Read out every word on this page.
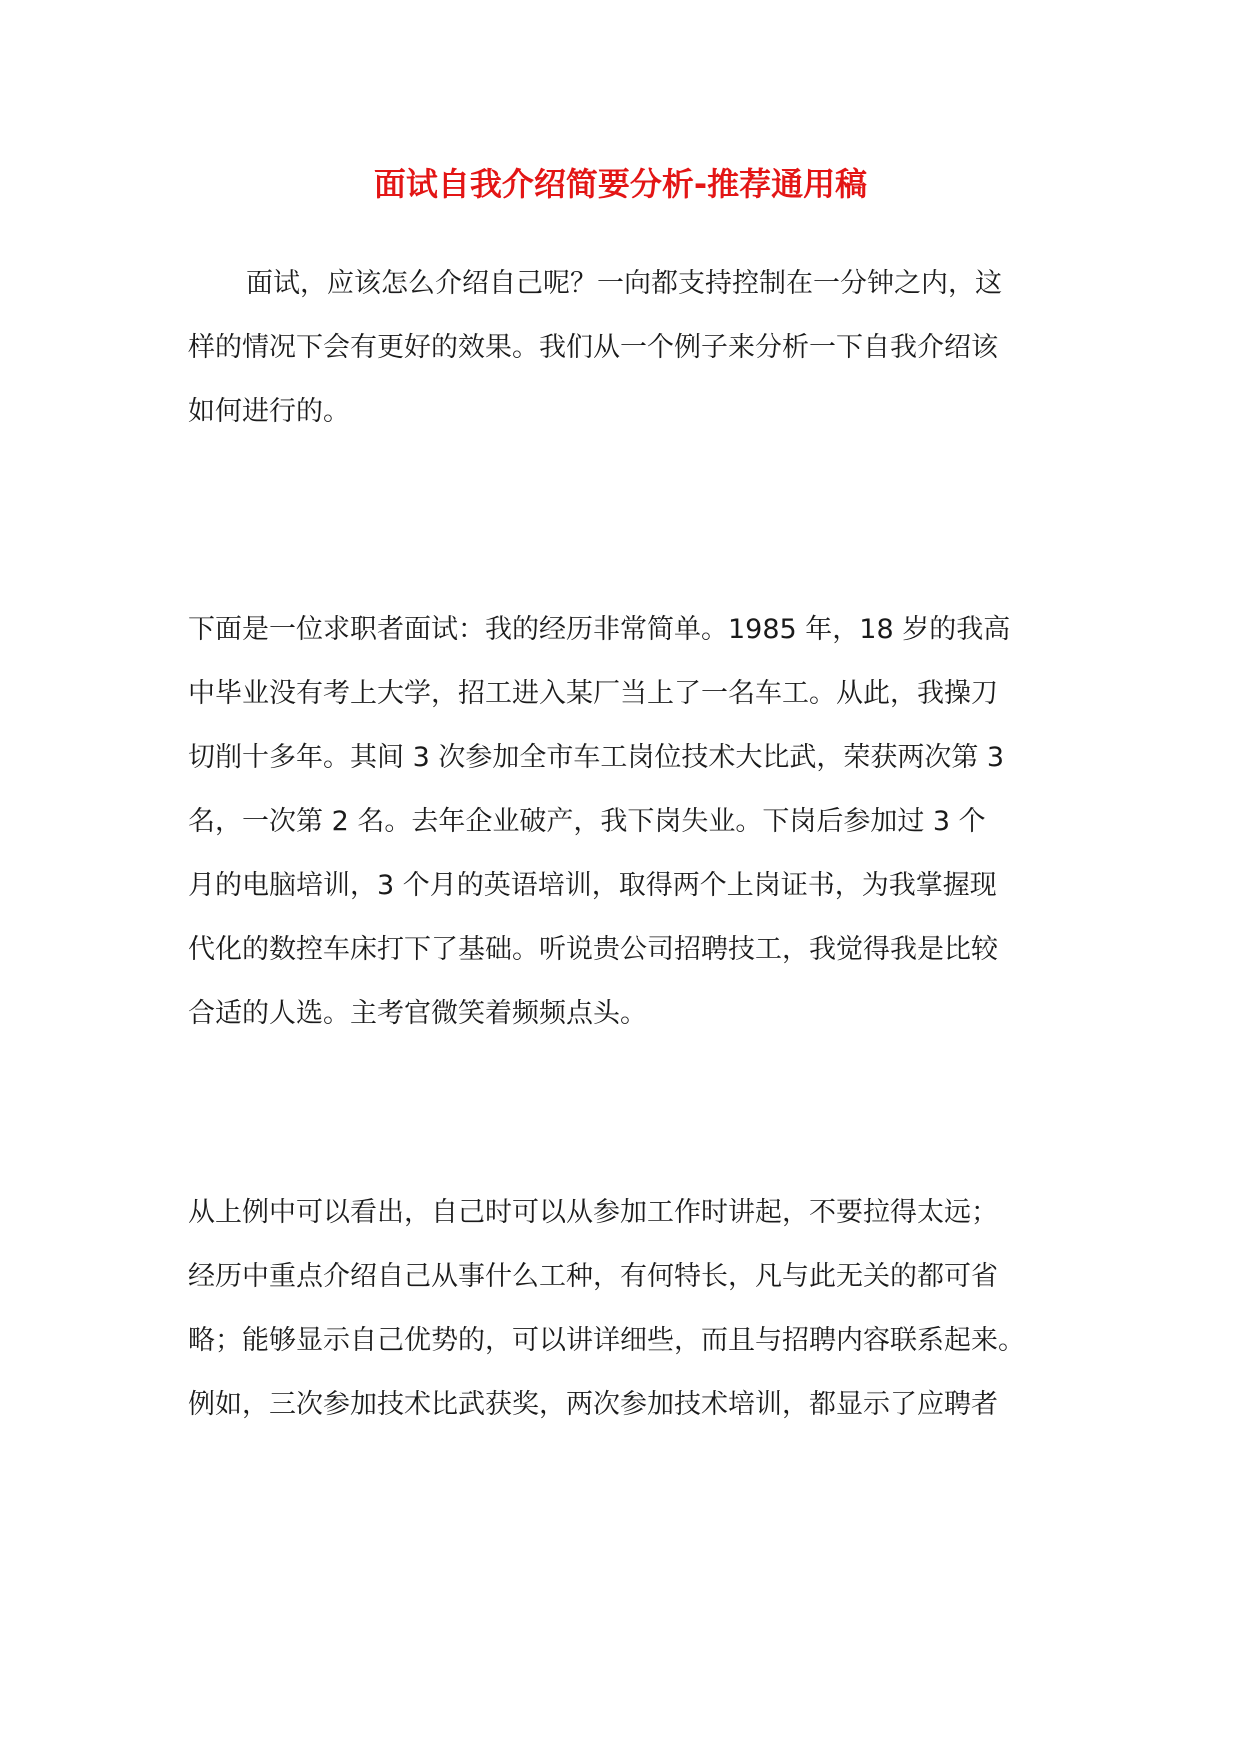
面试自我介绍简要分析-推荐通用稿
面试，应该怎么介绍自己呢？一向都支持控制在一分钟之内，这
样的情况下会有更好的效果。我们从一个例子来分析一下自我介绍该
如何进行的。
下面是一位求职者面试：我的经历非常简单。1985 年，18 岁的我高
中毕业没有考上大学，招工进入某厂当上了一名车工。从此，我操刀
切削十多年。其间 3 次参加全市车工岗位技术大比武，荣获两次第 3
名，一次第 2 名。去年企业破产，我下岗失业。下岗后参加过 3 个
月的电脑培训，3 个月的英语培训，取得两个上岗证书，为我掌握现
代化的数控车床打下了基础。听说贵公司招聘技工，我觉得我是比较
合适的人选。主考官微笑着频频点头。
从上例中可以看出，自己时可以从参加工作时讲起，不要拉得太远；
经历中重点介绍自己从事什么工种，有何特长，凡与此无关的都可省
略；能够显示自己优势的，可以讲详细些，而且与招聘内容联系起来。
例如，三次参加技术比武获奖，两次参加技术培训，都显示了应聘者
